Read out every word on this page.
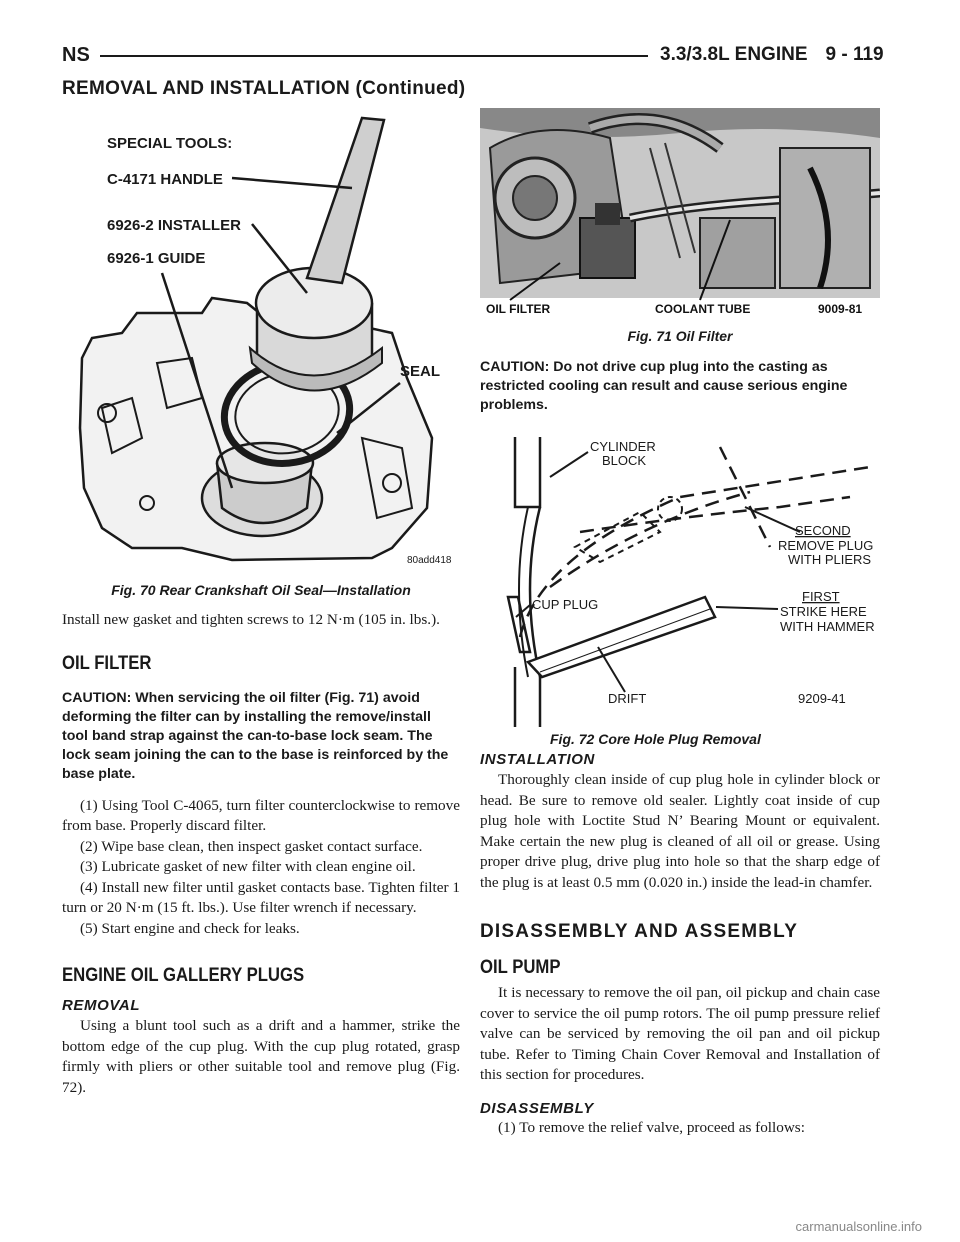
NS	3.3/3.8L ENGINE 9 - 119
REMOVAL AND INSTALLATION (Continued)
SPECIAL TOOLS:
C-4171 HANDLE
6926-2 INSTALLER
6926-1 GUIDE
SEAL
80add418
Fig. 70 Rear Crankshaft Oil Seal—Installation

Install new gasket and tighten screws to 12 N·m (105 in. lbs.).

OIL FILTER

CAUTION: When servicing the oil filter (Fig. 71) avoid deforming the filter can by installing the remove/install tool band strap against the can-to-base lock seam. The lock seam joining the can to the base is reinforced by the base plate.

(1) Using Tool C-4065, turn filter counterclockwise to remove from base. Properly discard filter.

(2) Wipe base clean, then inspect gasket contact surface.

(3) Lubricate gasket of new filter with clean engine oil.

(4) Install new filter until gasket contacts base. Tighten filter 1 turn or 20 N·m (15 ft. lbs.). Use filter wrench if necessary.

(5) Start engine and check for leaks.

ENGINE OIL GALLERY PLUGS
REMOVAL

Using a blunt tool such as a drift and a hammer, strike the bottom edge of the cup plug. With the cup plug rotated, grasp firmly with pliers or other suitable tool and remove plug (Fig. 72).

OIL FILTER	COOLANT TUBE	9009-81
Fig. 71 Oil Filter

CAUTION: Do not drive cup plug into the casting as restricted cooling can result and cause serious engine problems.

CYLINDER
BLOCK
SECOND
REMOVE PLUG
WITH PLIERS
CUP PLUG
FIRST
STRIKE HERE
WITH HAMMER
DRIFT	9209-41
Fig. 72 Core Hole Plug Removal
INSTALLATION

Thoroughly clean inside of cup plug hole in cylinder block or head. Be sure to remove old sealer. Lightly coat inside of cup plug hole with Loctite Stud N’ Bearing Mount or equivalent. Make certain the new plug is cleaned of all oil or grease. Using proper drive plug, drive plug into hole so that the sharp edge of the plug is at least 0.5 mm (0.020 in.) inside the lead-in chamfer.

DISASSEMBLY AND ASSEMBLY
OIL PUMP

It is necessary to remove the oil pan, oil pickup and chain case cover to service the oil pump rotors. The oil pump pressure relief valve can be serviced by removing the oil pan and oil pickup tube. Refer to Timing Chain Cover Removal and Installation of this section for procedures.

DISASSEMBLY

(1) To remove the relief valve, proceed as follows:

carmanualsonline.info
